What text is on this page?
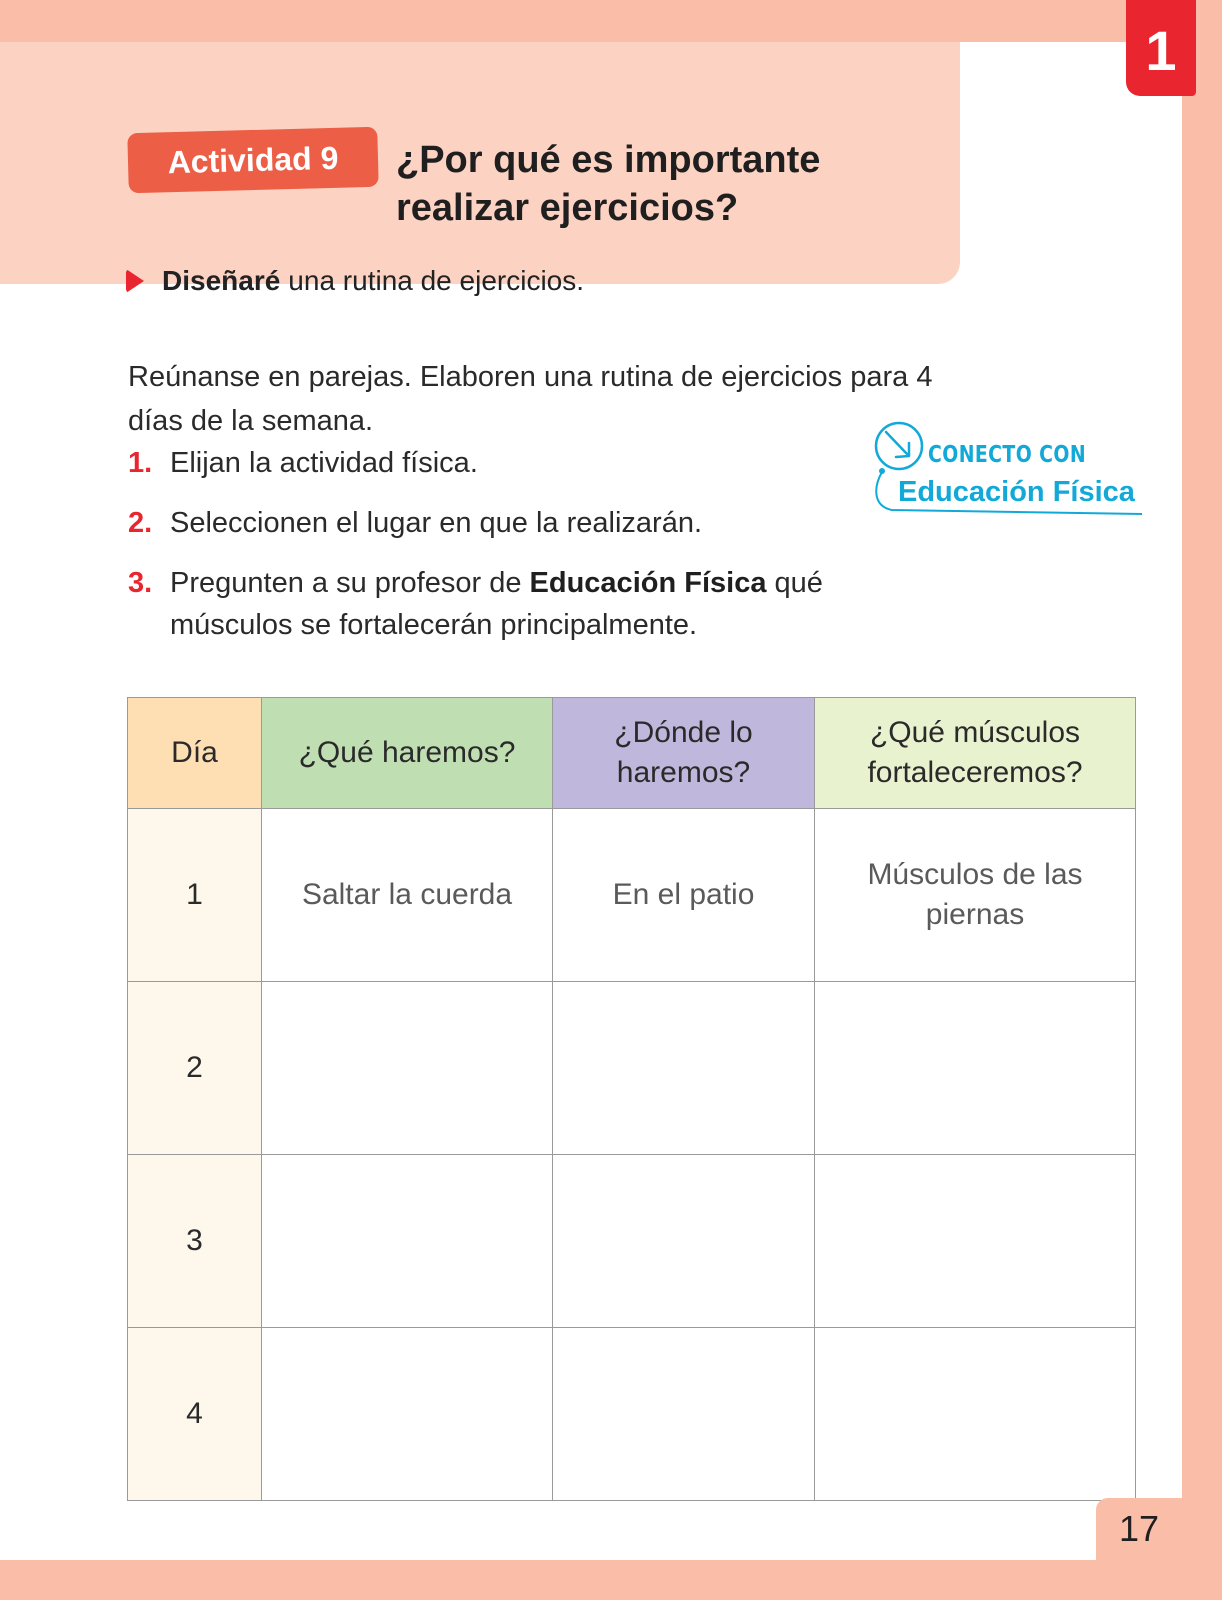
Actividad 9	¿Por qué es importante realizar ejercicios?
Diseñaré una rutina de ejercicios.
Reúnanse en parejas. Elaboren una rutina de ejercicios para 4 días de la semana.
1. Elijan la actividad física.
2. Seleccionen el lugar en que la realizarán.
3. Pregunten a su profesor de Educación Física qué músculos se fortalecerán principalmente.
CONECTO CON
Educación Física
Día	¿Qué haremos?	¿Dónde lo haremos?	¿Qué músculos fortaleceremos?
1	Saltar la cuerda	En el patio	Músculos de las piernas
2			
3			
4			
1
17
